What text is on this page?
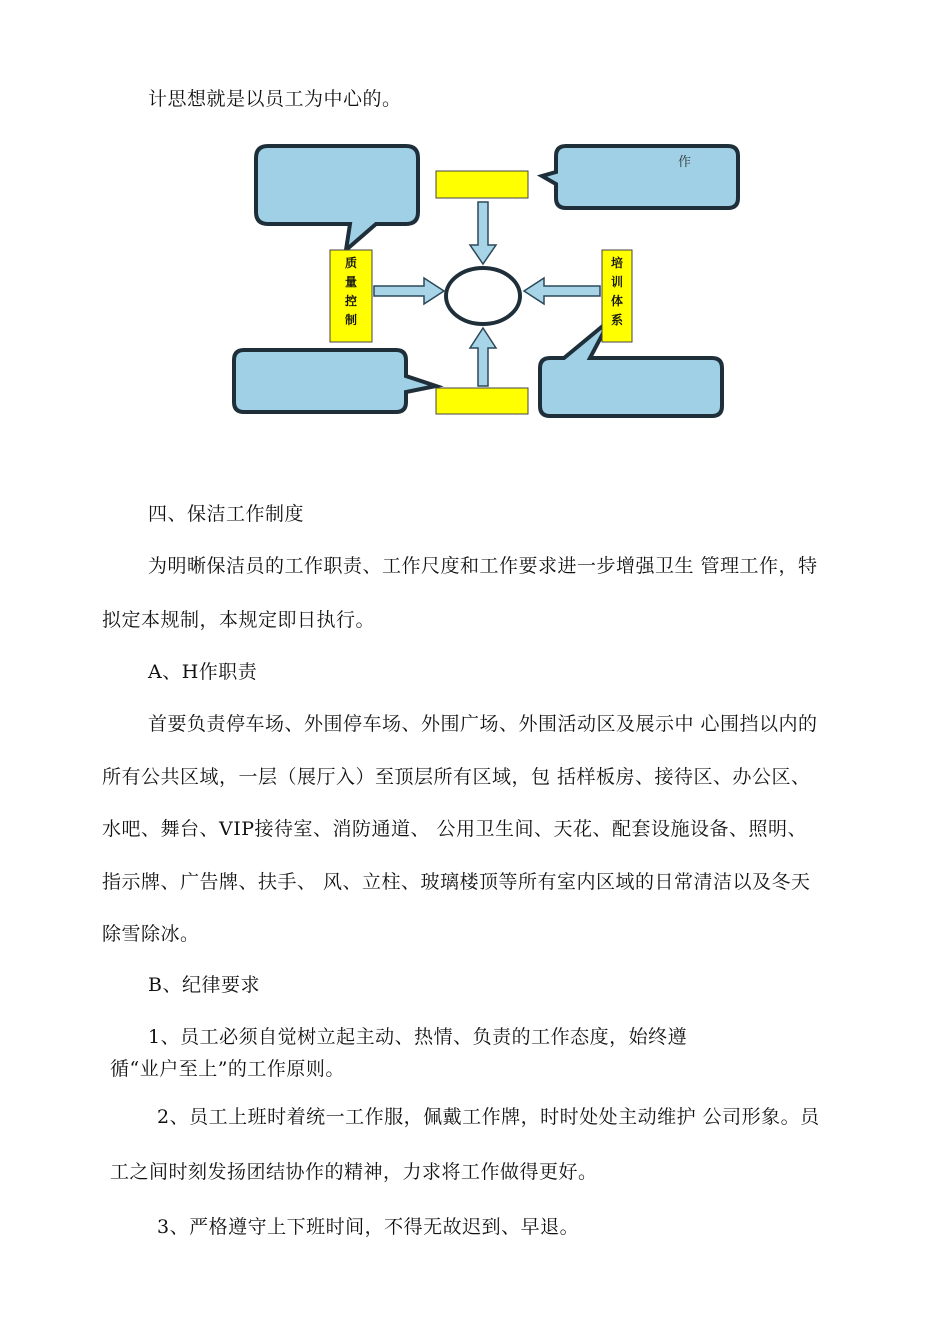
计思想就是以员工为中心的。
作
质
量
控
制
培
训
体
系
四、保洁工作制度
为明晰保洁员的工作职责、工作尺度和工作要求进一步增强卫生 管理工作，特
拟定本规制，本规定即日执行。
A、H作职责
首要负责停车场、外围停车场、外围广场、外围活动区及展示中 心围挡以内的
所有公共区域，一层（展厅入）至顶层所有区域，包 括样板房、接待区、办公区、
水吧、舞台、VIP接待室、消防通道、 公用卫生间、天花、配套设施设备、照明、
指示牌、广告牌、扶手、 风、立柱、玻璃楼顶等所有室内区域的日常清洁以及冬天
除雪除冰。
B、纪律要求
1、员工必须自觉树立起主动、热情、负责的工作态度，始终遵
循“业户至上”的工作原则。
2、员工上班时着统一工作服，佩戴工作牌，时时处处主动维护 公司形象。员
工之间时刻发扬团结协作的精神，力求将工作做得更好。
3、严格遵守上下班时间，不得无故迟到、早退。
